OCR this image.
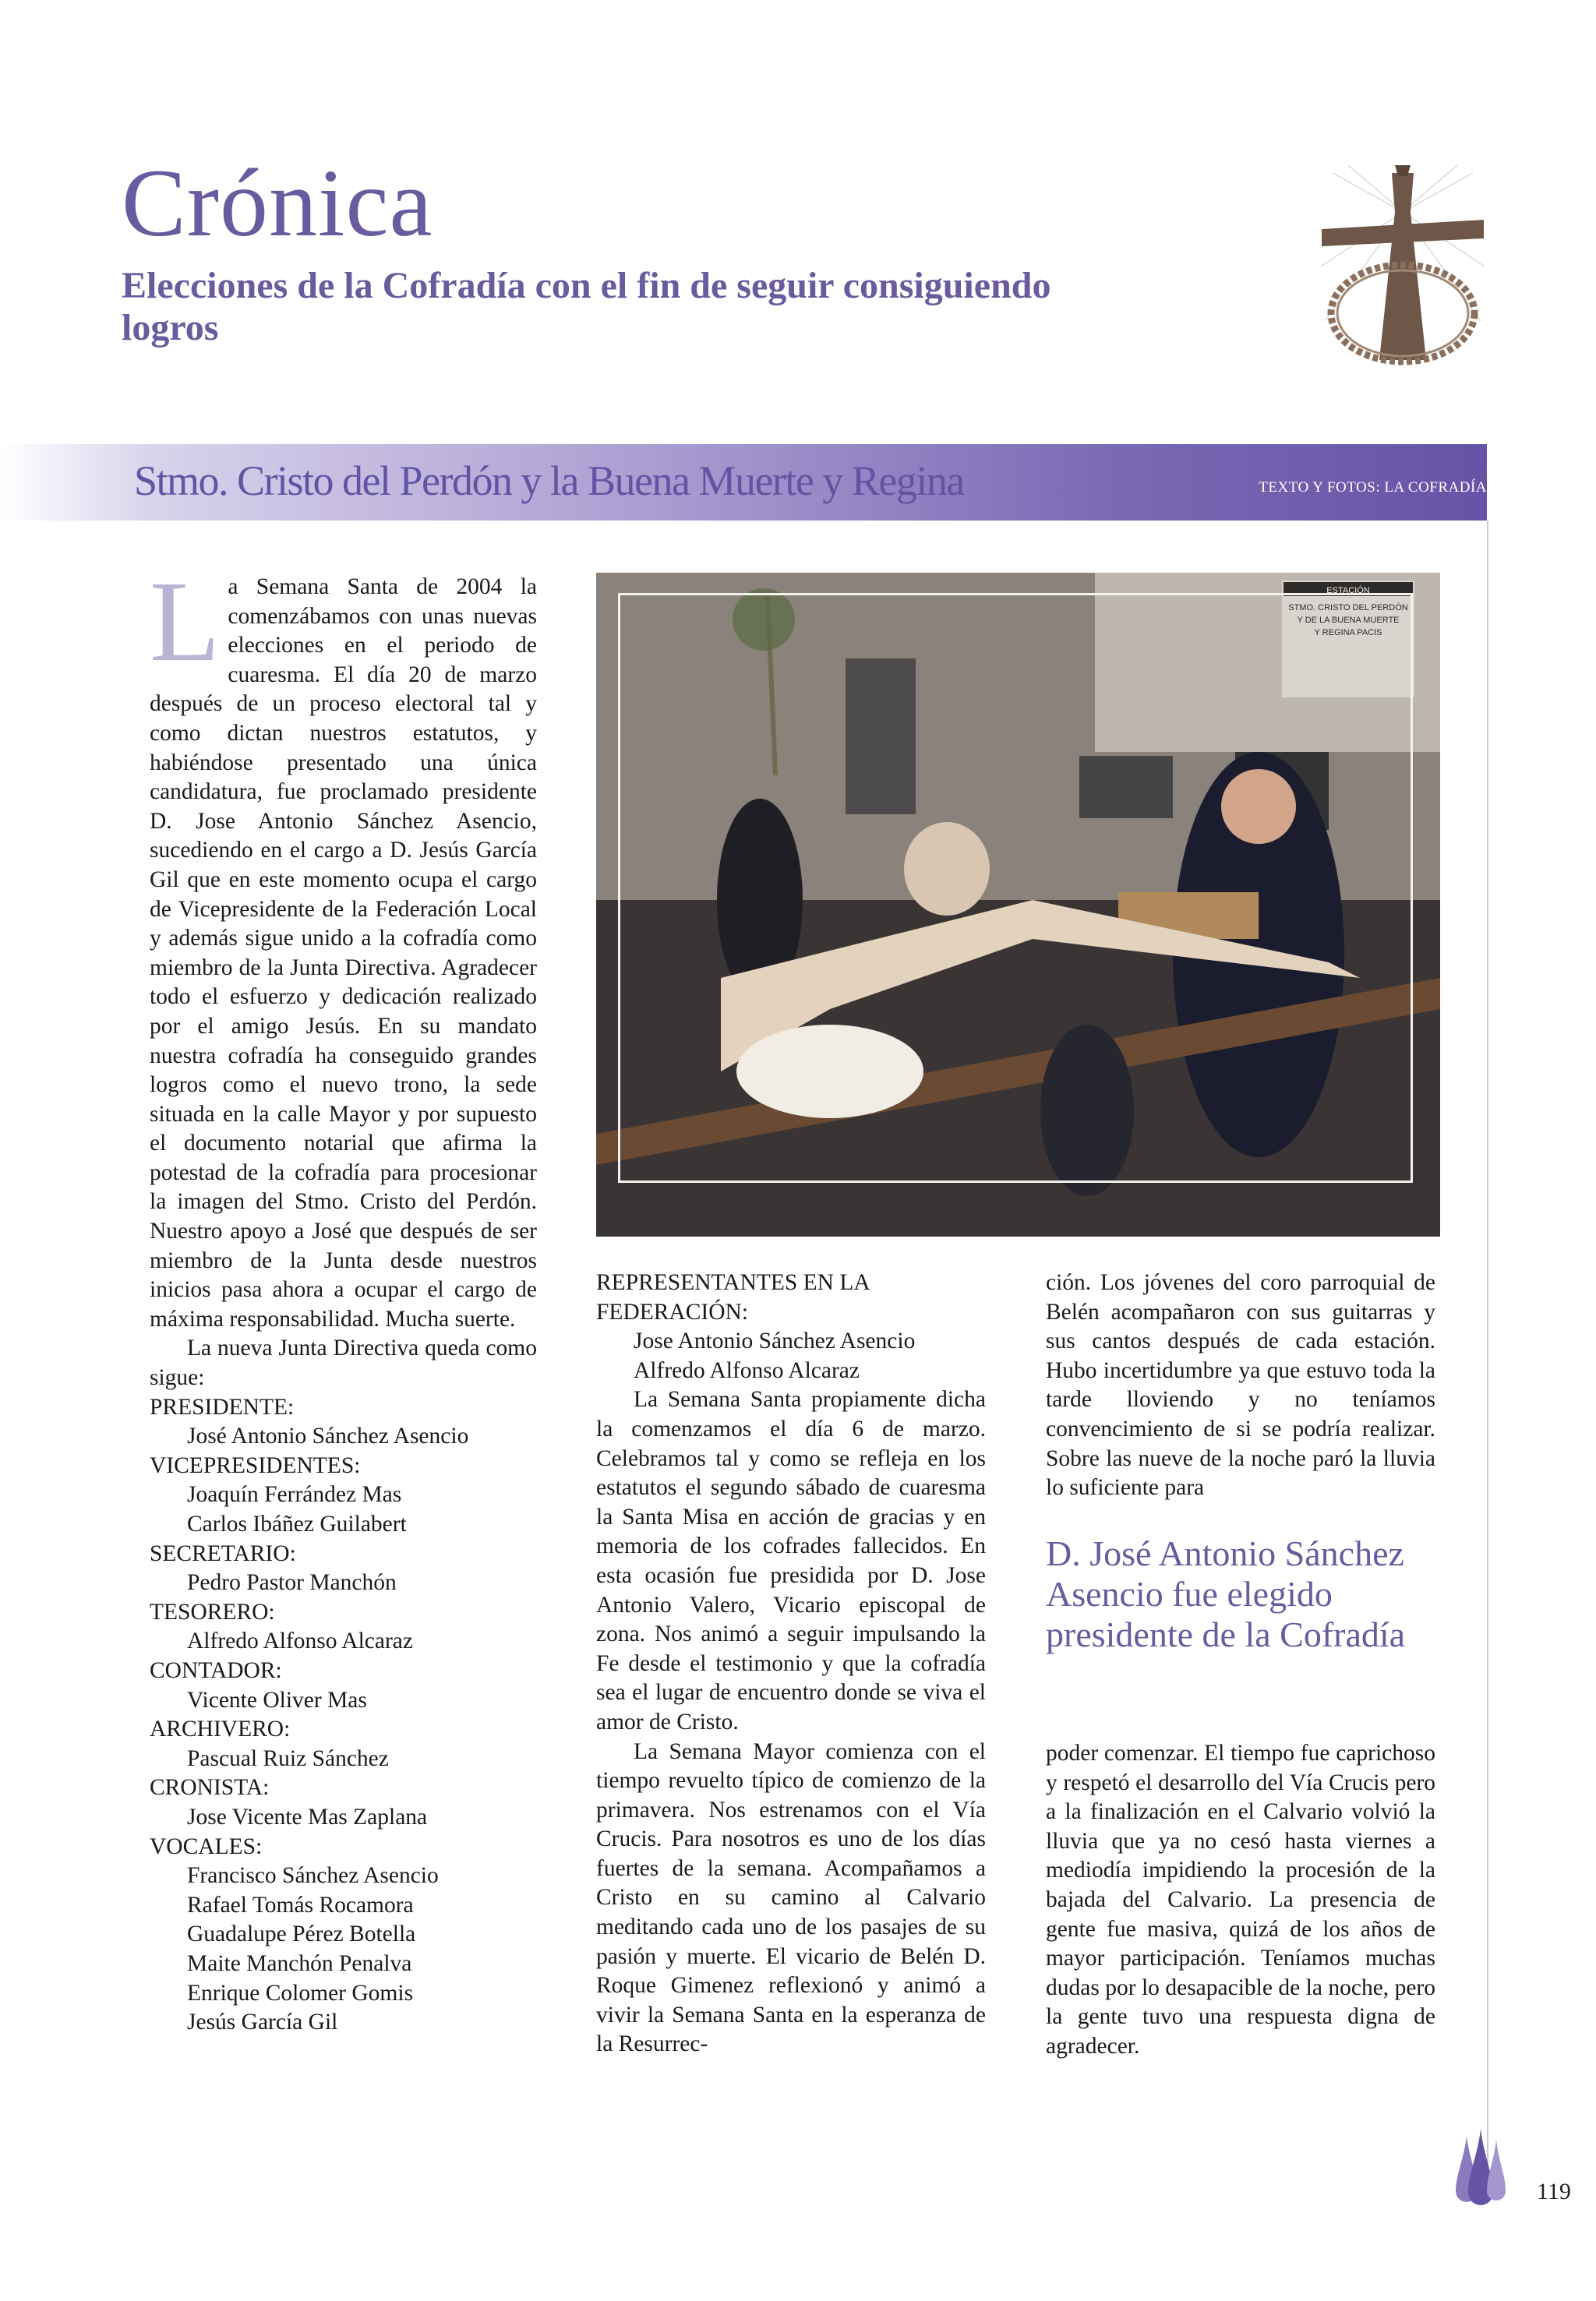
Crónica
Elecciones de la Cofradía con el fin de seguir consiguiendo logros
Stmo. Cristo del Perdón y la Buena Muerte y Regina	TEXTO Y FOTOS: LA COFRADÍA

La Semana Santa de 2004 la comenzábamos con unas nuevas elecciones en el periodo de cuaresma. El día 20 de marzo después de un proceso electoral tal y como dictan nuestros estatutos, y habiéndose presentado una única candidatura, fue proclamado presidente D. Jose Antonio Sánchez Asencio, sucediendo en el cargo a D. Jesús García Gil que en este momento ocupa el cargo de Vicepresidente de la Federación Local y además sigue unido a la cofradía como miembro de la Junta Directiva. Agradecer todo el esfuerzo y dedicación realizado por el amigo Jesús. En su mandato nuestra cofradía ha conseguido grandes logros como el nuevo trono, la sede situada en la calle Mayor y por supuesto el documento notarial que afirma la potestad de la cofradía para procesionar la imagen del Stmo. Cristo del Perdón. Nuestro apoyo a José que después de ser miembro de la Junta desde nuestros inicios pasa ahora a ocupar el cargo de máxima responsabilidad. Mucha suerte.

La nueva Junta Directiva queda como sigue:

PRESIDENTE:
José Antonio Sánchez Asencio
VICEPRESIDENTES:
Joaquín Ferrández Mas
Carlos Ibáñez Guilabert
SECRETARIO:
Pedro Pastor Manchón
TESORERO:
Alfredo Alfonso Alcaraz
CONTADOR:
Vicente Oliver Mas
ARCHIVERO:
Pascual Ruiz Sánchez
CRONISTA:
Jose Vicente Mas Zaplana
VOCALES:
Francisco Sánchez Asencio
Rafael Tomás Rocamora
Guadalupe Pérez Botella
Maite Manchón Penalva
Enrique Colomer Gomis
Jesús García Gil
ESTACIÓN
STMO. CRISTO DEL PERDÓN
Y DE LA BUENA MUERTE
Y REGINA PACIS
REPRESENTANTES EN LA FEDERACIÓN:
Jose Antonio Sánchez Asencio
Alfredo Alfonso Alcaraz

La Semana Santa propiamente dicha la comenzamos el día 6 de marzo. Celebramos tal y como se refleja en los estatutos el segundo sábado de cuaresma la Santa Misa en acción de gracias y en memoria de los cofrades fallecidos. En esta ocasión fue presidida por D. Jose Antonio Valero, Vicario episcopal de zona. Nos animó a seguir impulsando la Fe desde el testimonio y que la cofradía sea el lugar de encuentro donde se viva el amor de Cristo.

La Semana Mayor comienza con el tiempo revuelto típico de comienzo de la primavera. Nos estrenamos con el Vía Crucis. Para nosotros es uno de los días fuertes de la semana. Acompañamos a Cristo en su camino al Calvario meditando cada uno de los pasajes de su pasión y muerte. El vicario de Belén D. Roque Gimenez reflexionó y animó a vivir la Semana Santa en la esperanza de la Resurrec-

ción. Los jóvenes del coro parroquial de Belén acompañaron con sus guitarras y sus cantos después de cada estación. Hubo incertidumbre ya que estuvo toda la tarde lloviendo y no teníamos convencimiento de si se podría realizar. Sobre las nueve de la noche paró la lluvia lo suficiente para

D. José Antonio Sánchez Asencio fue elegido presidente de la Cofradía

poder comenzar. El tiempo fue caprichoso y respetó el desarrollo del Vía Crucis pero a la finalización en el Calvario volvió la lluvia que ya no cesó hasta viernes a mediodía impidiendo la procesión de la bajada del Calvario. La presencia de gente fue masiva, quizá de los años de mayor participación. Teníamos muchas dudas por lo desapacible de la noche, pero la gente tuvo una respuesta digna de agradecer.

119
